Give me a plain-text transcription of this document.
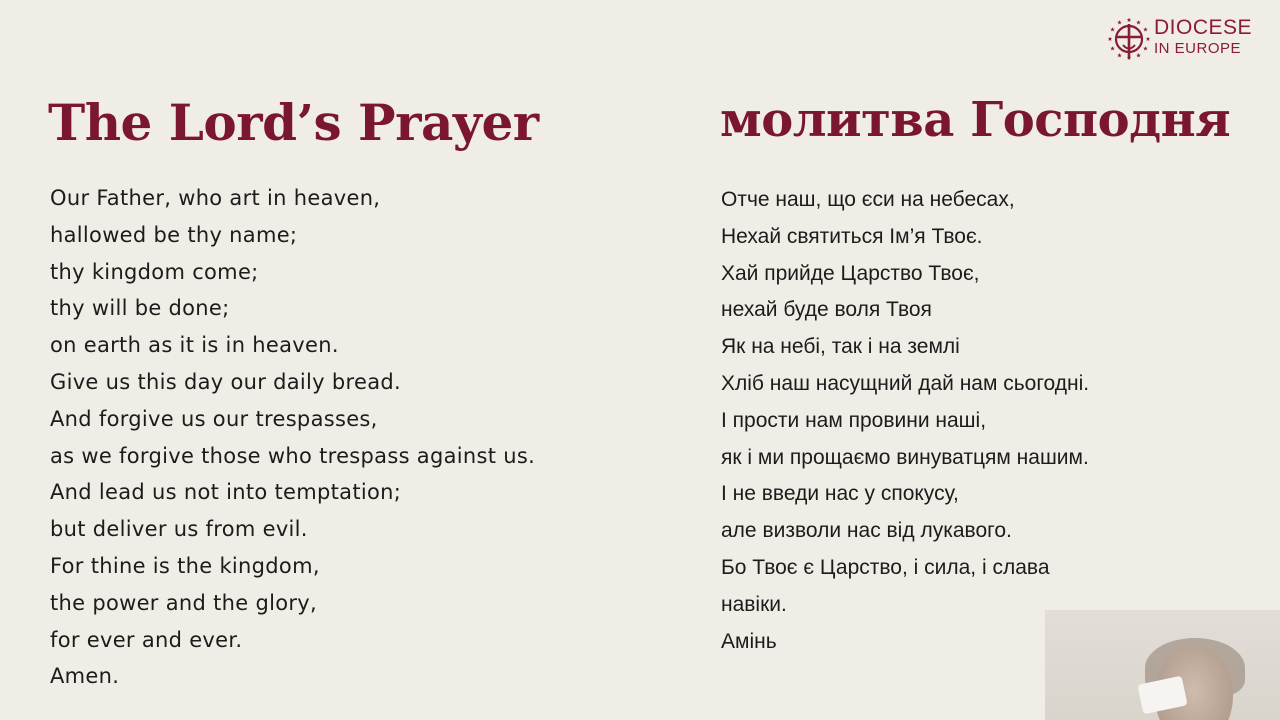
DIOCESE
IN EUROPE
The Lord’s Prayer
Our Father, who art in heaven,
hallowed be thy name;
thy kingdom come;
thy will be done;
on earth as it is in heaven.
Give us this day our daily bread.
And forgive us our trespasses,
as we forgive those who trespass against us.
And lead us not into temptation;
but deliver us from evil.
For thine is the kingdom,
the power and the glory,
for ever and ever.
Amen.
молитва Господня
Отче наш, що єси на небесах,
Нехай святиться Ім’я Твоє.
Хай прийде Царство Твоє,
нехай буде воля Твоя
Як на небі, так і на землі
Хліб наш насущний дай нам сьогодні.
І прости нам провини наші,
як і ми прощаємо винуватцям нашим.
І не введи нас у спокусу,
але визволи нас від лукавого.
Бо Твоє є Царство, і сила, і слава
навіки.
Амінь
